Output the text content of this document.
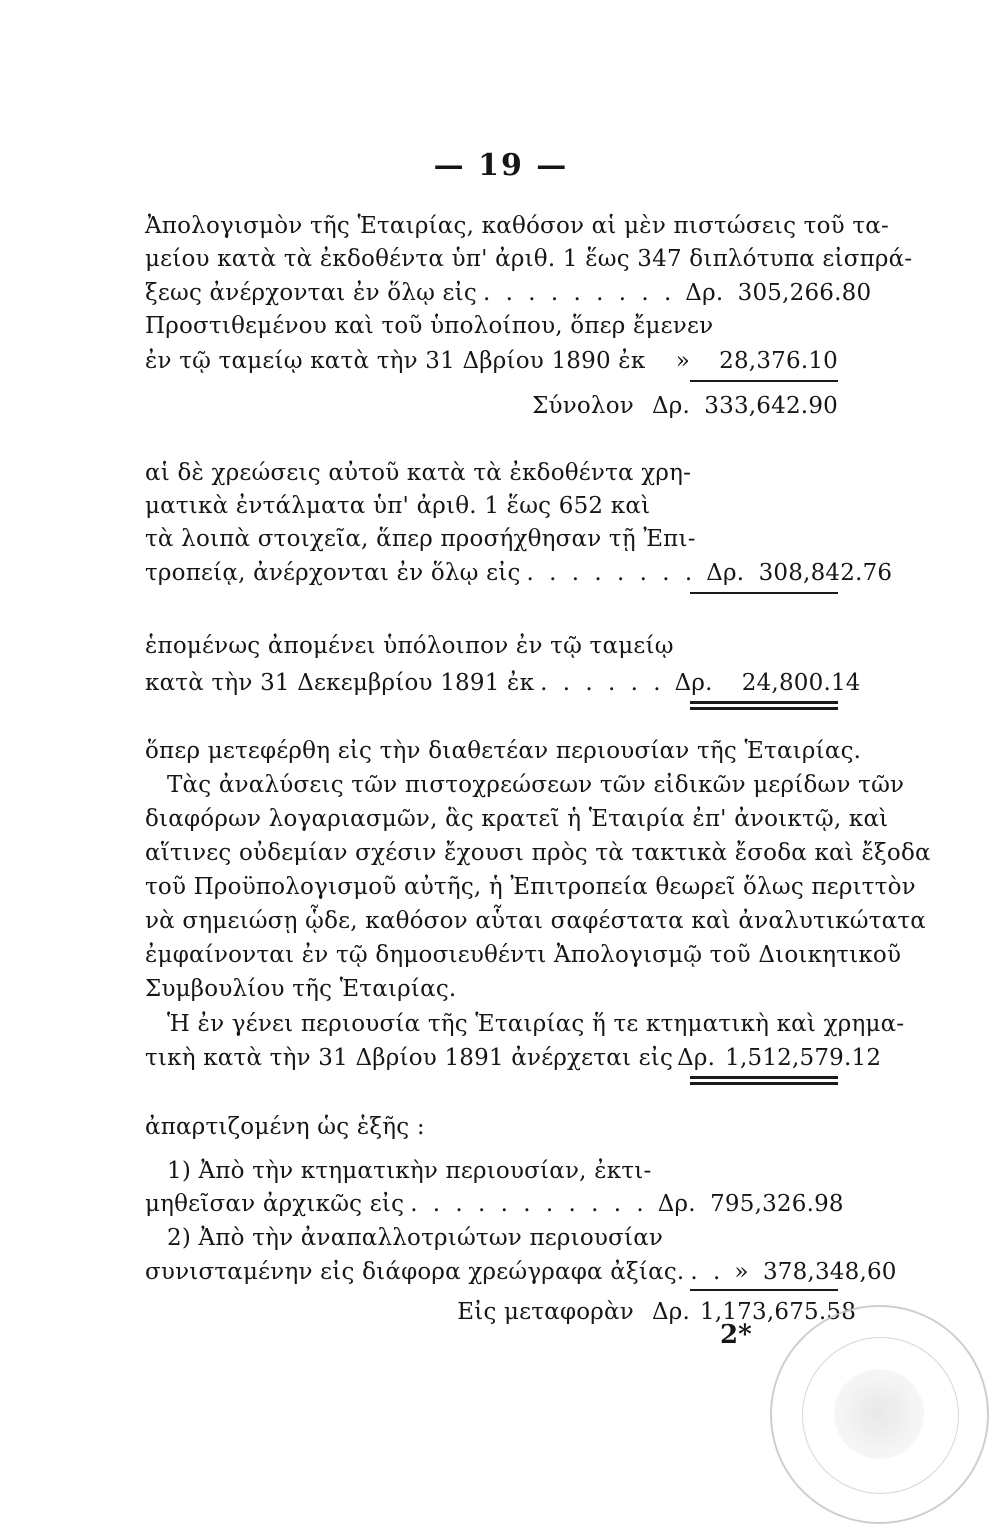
— 19 —
Ἀπολογισμὸν τῆς Ἑταιρίας, καθόσον αἱ μὲν πιστώσεις τοῦ τα-
μείου κατὰ τὰ ἐκδοθέντα ὑπ' ἀριθ. 1 ἕως 347 διπλότυπα εἰσπρά-
ξεως ἀνέρχονται ἐν ὅλῳ εἰς . . . . . . . . . Δρ. 305,266.80
Προστιθεμένου καὶ τοῦ ὑπολοίπου, ὅπερ ἔμενεν
ἐν τῷ ταμείῳ κατὰ τὴν 31 Δβρίου 1890 ἐκ »	28,376.10
Σύνολον Δρ. 333,642.90
αἱ δὲ χρεώσεις αὐτοῦ κατὰ τὰ ἐκδοθέντα χρη-
ματικὰ ἐντάλματα ὑπ' ἀριθ. 1 ἕως 652 καὶ
τὰ λοιπὰ στοιχεῖα, ἅπερ προσήχθησαν τῇ Ἐπι-
τροπείᾳ, ἀνέρχονται ἐν ὅλῳ εἰς . . . . . . . . Δρ. 308,842.76
ἑπομένως ἀπομένει ὑπόλοιπον ἐν τῷ ταμείῳ
κατὰ τὴν 31 Δεκεμβρίου 1891 ἐκ . . . . . . Δρ.	24,800.14
ὅπερ μετεφέρθη εἰς τὴν διαθετέαν περιουσίαν τῆς Ἑταιρίας.
Τὰς ἀναλύσεις τῶν πιστοχρεώσεων τῶν εἰδικῶν μερίδων τῶν
διαφόρων λογαριασμῶν, ἃς κρατεῖ ἡ Ἑταιρία ἐπ' ἀνοικτῷ, καὶ
αἵτινες οὐδεμίαν σχέσιν ἔχουσι πρὸς τὰ τακτικὰ ἔσοδα καὶ ἔξοδα
τοῦ Προϋπολογισμοῦ αὐτῆς, ἡ Ἐπιτροπεία θεωρεῖ ὅλως περιττὸν
νὰ σημειώσῃ ᾧδε, καθόσον αὗται σαφέστατα καὶ ἀναλυτικώτατα
ἐμφαίνονται ἐν τῷ δημοσιευθέντι Ἀπολογισμῷ τοῦ Διοικητικοῦ
Συμβουλίου τῆς Ἑταιρίας.
Ἡ ἐν γένει περιουσία τῆς Ἑταιρίας ἥ τε κτηματικὴ καὶ χρημα-
τικὴ κατὰ τὴν 31 Δβρίου 1891 ἀνέρχεται εἰς Δρ. 1,512,579.12
ἀπαρτιζομένη ὡς ἑξῆς :
1) Ἀπὸ τὴν κτηματικὴν περιουσίαν, ἐκτι-
μηθεῖσαν ἀρχικῶς εἰς . . . . . . . . . . . Δρ. 795,326.98
2) Ἀπὸ τὴν ἀναπαλλοτριώτων περιουσίαν
συνισταμένην εἰς διάφορα χρεώγραφα ἀξίας. . . » 378,348,60
Εἰς μεταφορὰν Δρ. 1,173,675.58
2*
